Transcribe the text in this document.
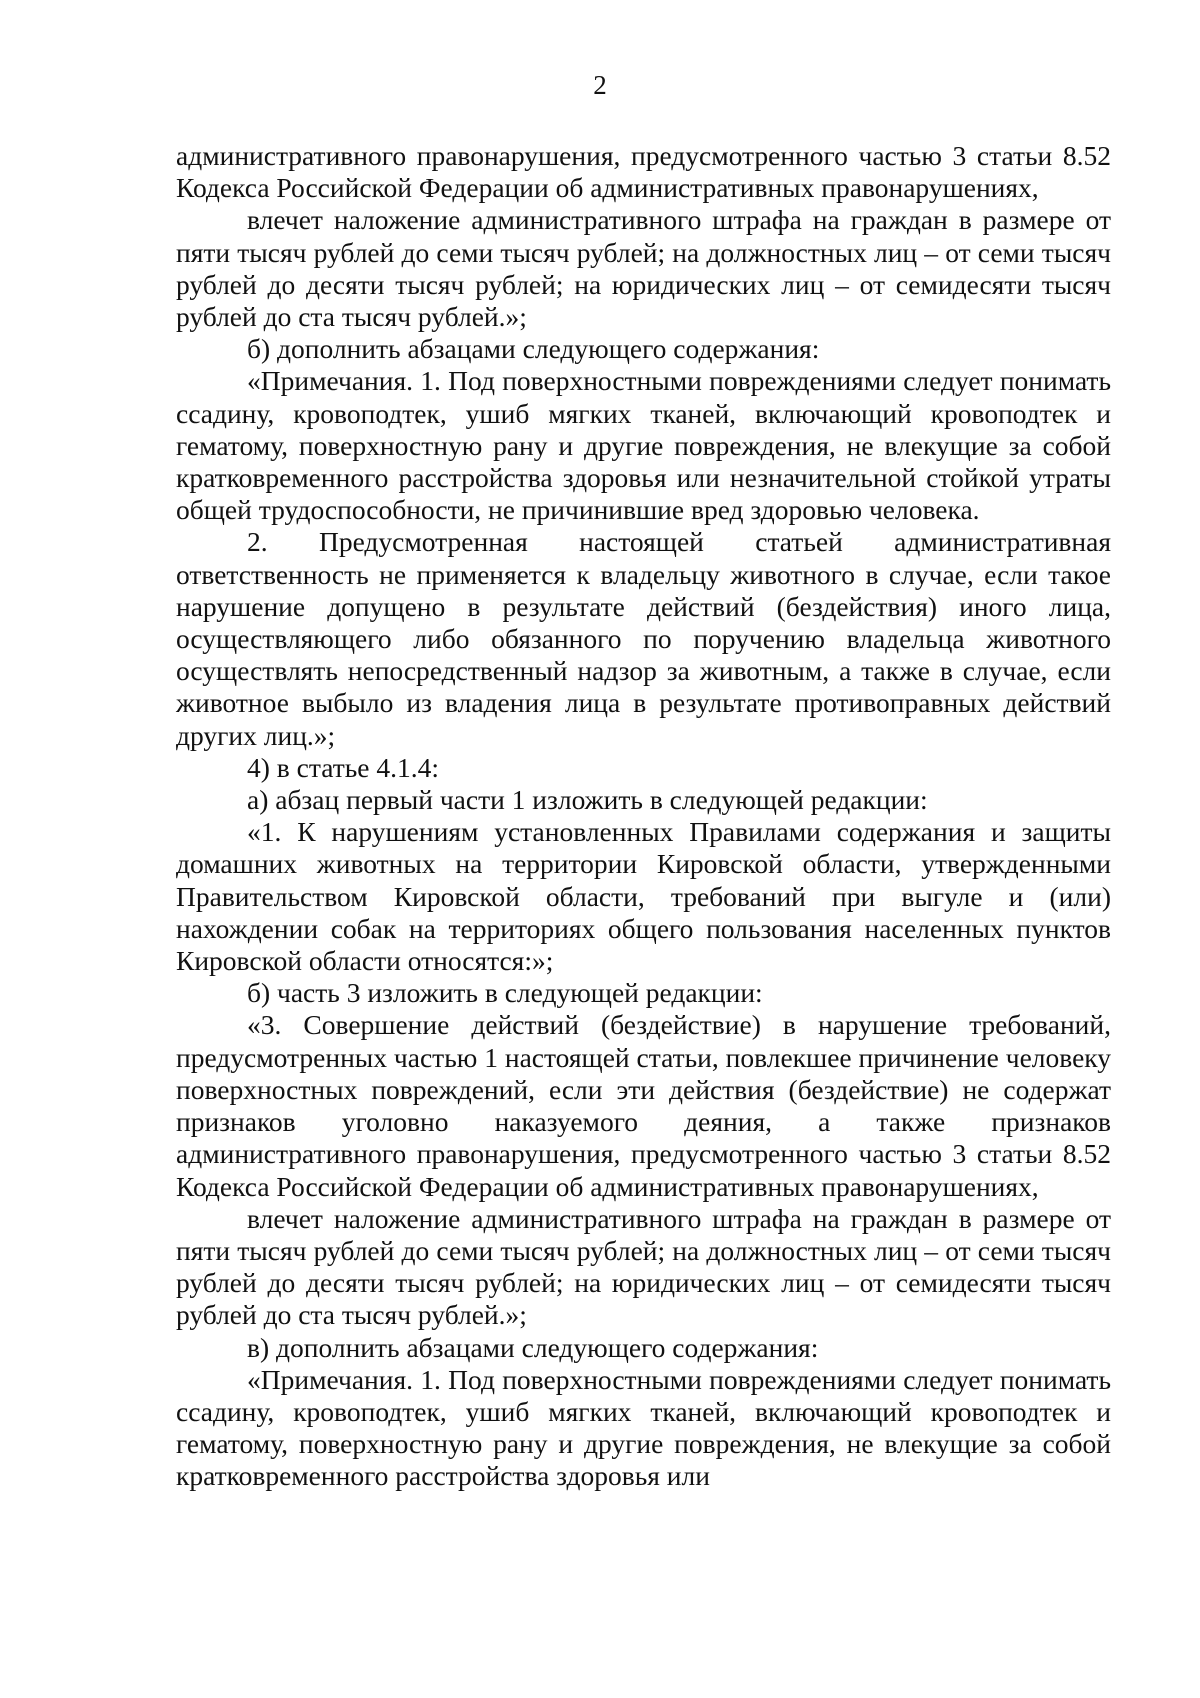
2

административного правонарушения, предусмотренного частью 3 статьи 8.52 Кодекса Российской Федерации об административных правонарушениях,

влечет наложение административного штрафа на граждан в размере от пяти тысяч рублей до семи тысяч рублей; на должностных лиц – от семи тысяч рублей до десяти тысяч рублей; на юридических лиц – от семидесяти тысяч рублей до ста тысяч рублей.»;

б) дополнить абзацами следующего содержания:

«Примечания. 1. Под поверхностными повреждениями следует понимать ссадину, кровоподтек, ушиб мягких тканей, включающий кровоподтек и гематому, поверхностную рану и другие повреждения, не влекущие за собой кратковременного расстройства здоровья или незначительной стойкой утраты общей трудоспособности, не причинившие вред здоровью человека.

2. Предусмотренная настоящей статьей административная ответственность не применяется к владельцу животного в случае, если такое нарушение допущено в результате действий (бездействия) иного лица, осуществляющего либо обязанного по поручению владельца животного осуществлять непосредственный надзор за животным, а также в случае, если животное выбыло из владения лица в результате противоправных действий других лиц.»;

4) в статье 4.1.4:

а) абзац первый части 1 изложить в следующей редакции:

«1. К нарушениям установленных Правилами содержания и защиты домашних животных на территории Кировской области, утвержденными Правительством Кировской области, требований при выгуле и (или) нахождении собак на территориях общего пользования населенных пунктов Кировской области относятся:»;

б) часть 3 изложить в следующей редакции:

«3. Совершение действий (бездействие) в нарушение требований, предусмотренных частью 1 настоящей статьи, повлекшее причинение человеку поверхностных повреждений, если эти действия (бездействие) не содержат признаков уголовно наказуемого деяния, а также признаков административного правонарушения, предусмотренного частью 3 статьи 8.52 Кодекса Российской Федерации об административных правонарушениях,

влечет наложение административного штрафа на граждан в размере от пяти тысяч рублей до семи тысяч рублей; на должностных лиц – от семи тысяч рублей до десяти тысяч рублей; на юридических лиц – от семидесяти тысяч рублей до ста тысяч рублей.»;

в) дополнить абзацами следующего содержания:

«Примечания. 1. Под поверхностными повреждениями следует понимать ссадину, кровоподтек, ушиб мягких тканей, включающий кровоподтек и гематому, поверхностную рану и другие повреждения, не влекущие за собой кратковременного расстройства здоровья или
